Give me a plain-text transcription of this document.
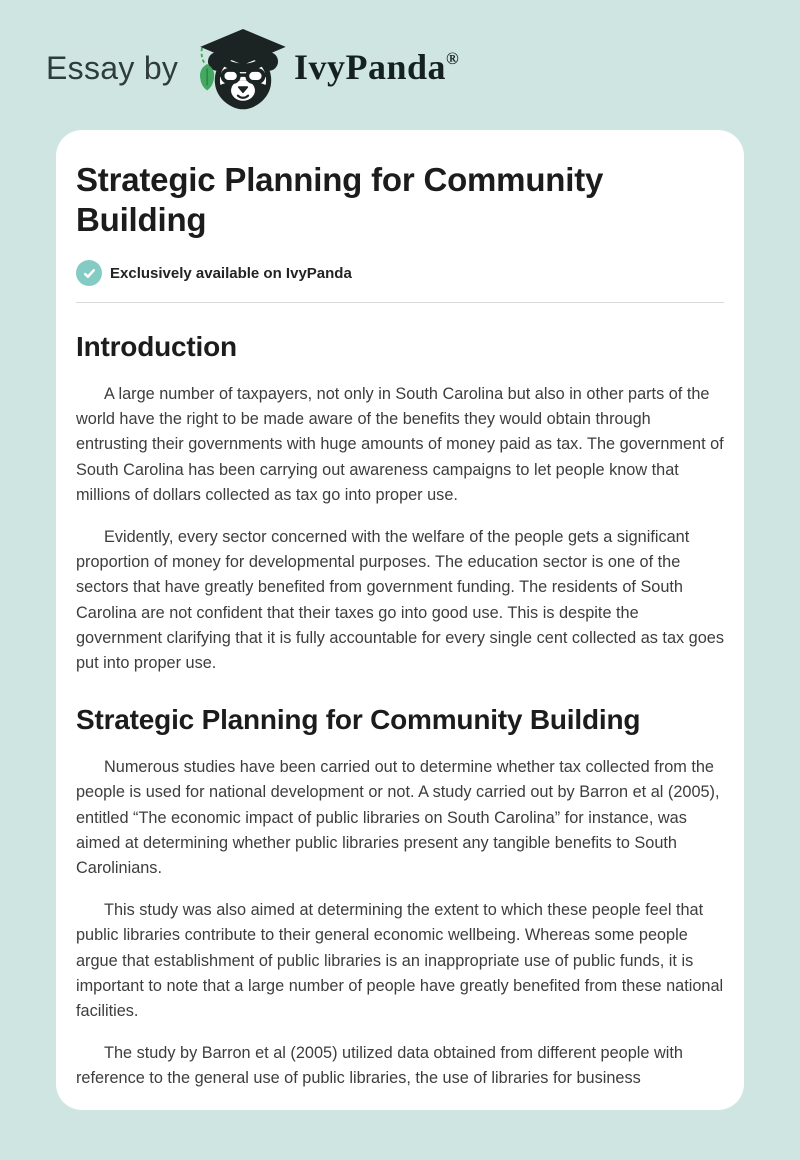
Essay by	IvyPanda®
Strategic Planning for Community Building
Exclusively available on IvyPanda
Introduction

A large number of taxpayers, not only in South Carolina but also in other parts of the world have the right to be made aware of the benefits they would obtain through entrusting their governments with huge amounts of money paid as tax. The government of South Carolina has been carrying out awareness campaigns to let people know that millions of dollars collected as tax go into proper use.

Evidently, every sector concerned with the welfare of the people gets a significant proportion of money for developmental purposes. The education sector is one of the sectors that have greatly benefited from government funding. The residents of South Carolina are not confident that their taxes go into good use. This is despite the government clarifying that it is fully accountable for every single cent collected as tax goes put into proper use.

Strategic Planning for Community Building

Numerous studies have been carried out to determine whether tax collected from the people is used for national development or not. A study carried out by Barron et al (2005), entitled “The economic impact of public libraries on South Carolina” for instance, was aimed at determining whether public libraries present any tangible benefits to South Carolinians.

This study was also aimed at determining the extent to which these people feel that public libraries contribute to their general economic wellbeing. Whereas some people argue that establishment of public libraries is an inappropriate use of public funds, it is important to note that a large number of people have greatly benefited from these national facilities.

The study by Barron et al (2005) utilized data obtained from different people with reference to the general use of public libraries, the use of libraries for business
